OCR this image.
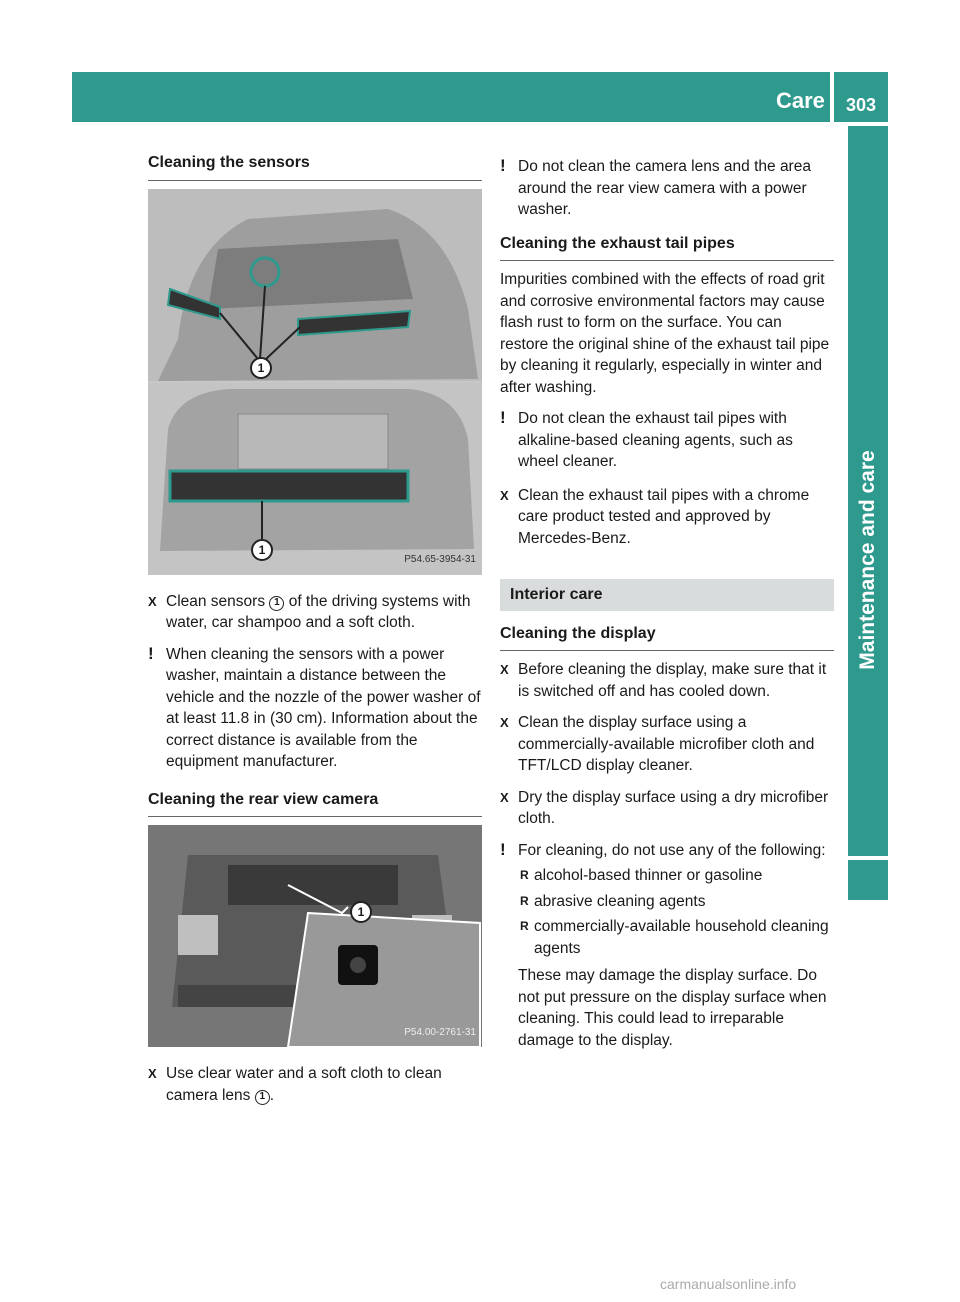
Care	303
Maintenance and care
Cleaning the sensors
1
1
P54.65-3954-31
X Clean sensors 1 of the driving systems with water, car shampoo and a soft cloth.
! When cleaning the sensors with a power washer, maintain a distance between the vehicle and the nozzle of the power washer of at least 11.8 in (30 cm). Information about the correct distance is available from the equipment manufacturer.
Cleaning the rear view camera
1
P54.00-2761-31
X Use clear water and a soft cloth to clean camera lens 1 .
! Do not clean the camera lens and the area around the rear view camera with a power washer.
Cleaning the exhaust tail pipes
Impurities combined with the effects of road grit and corrosive environmental factors may cause flash rust to form on the surface. You can restore the original shine of the exhaust tail pipe by cleaning it regularly, especially in winter and after washing.
! Do not clean the exhaust tail pipes with alkaline-based cleaning agents, such as wheel cleaner.
X Clean the exhaust tail pipes with a chrome care product tested and approved by Mercedes-Benz.
Interior care
Cleaning the display
X Before cleaning the display, make sure that it is switched off and has cooled down.
X Clean the display surface using a commercially-available microfiber cloth and TFT/LCD display cleaner.
X Dry the display surface using a dry microfiber cloth.
! For cleaning, do not use any of the following:
R alcohol-based thinner or gasoline
R abrasive cleaning agents
R commercially-available household cleaning agents
These may damage the display surface. Do not put pressure on the display surface when cleaning. This could lead to irreparable damage to the display.
carmanualsonline.info
